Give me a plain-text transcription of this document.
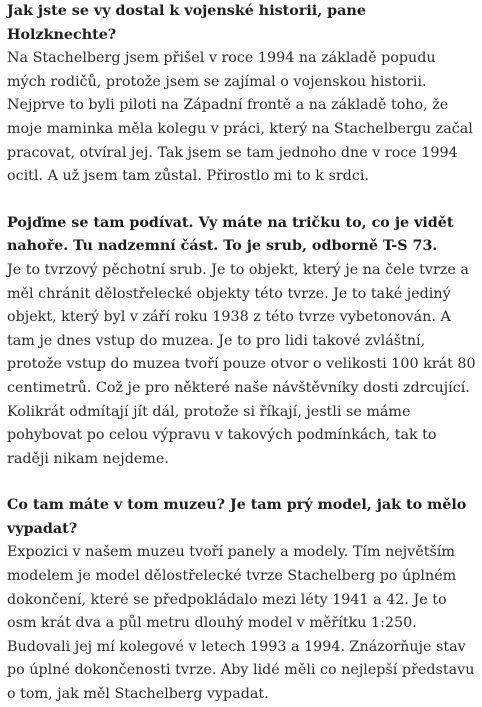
Jak jste se vy dostal k vojenské historii, pane Holzknechte?
Na Stachelberg jsem přišel v roce 1994 na základě popudu mých rodičů, protože jsem se zajímal o vojenskou historii. Nejprve to byli piloti na Západní frontě a na základě toho, že moje maminka měla kolegu v práci, který na Stachelbergu začal pracovat, otvíral jej. Tak jsem se tam jednoho dne v roce 1994 ocitl. A už jsem tam zůstal. Přirostlo mi to k srdci.
Pojďme se tam podívat. Vy máte na tričku to, co je vidět nahoře. Tu nadzemní část. To je srub, odborně T-S 73.
Je to tvrzový pěchotní srub. Je to objekt, který je na čele tvrze a měl chránit dělostřelecké objekty této tvrze. Je to také jediný objekt, který byl v září roku 1938 z této tvrze vybetonován. A tam je dnes vstup do muzea. Je to pro lidi takové zvláštní, protože vstup do muzea tvoří pouze otvor o velikosti 100 krát 80 centimetrů. Což je pro některé naše návštěvníky dosti zdrcující. Kolikrát odmítají jít dál, protože si říkají, jestli se máme pohybovat po celou výpravu v takových podmínkách, tak to raději nikam nejdeme.
Co tam máte v tom muzeu? Je tam prý model, jak to mělo vypadat?
Expozici v našem muzeu tvoří panely a modely. Tím největším modelem je model dělostřelecké tvrze Stachelberg po úplném dokončení, které se předpokládalo mezi léty 1941 a 42. Je to osm krát dva a půl metru dlouhý model v měřítku 1:250. Budovali jej mí kolegové v letech 1993 a 1994. Znázorňuje stav po úplné dokončenosti tvrze. Aby lidé měli co nejlepší představu o tom, jak měl Stachelberg vypadat.
